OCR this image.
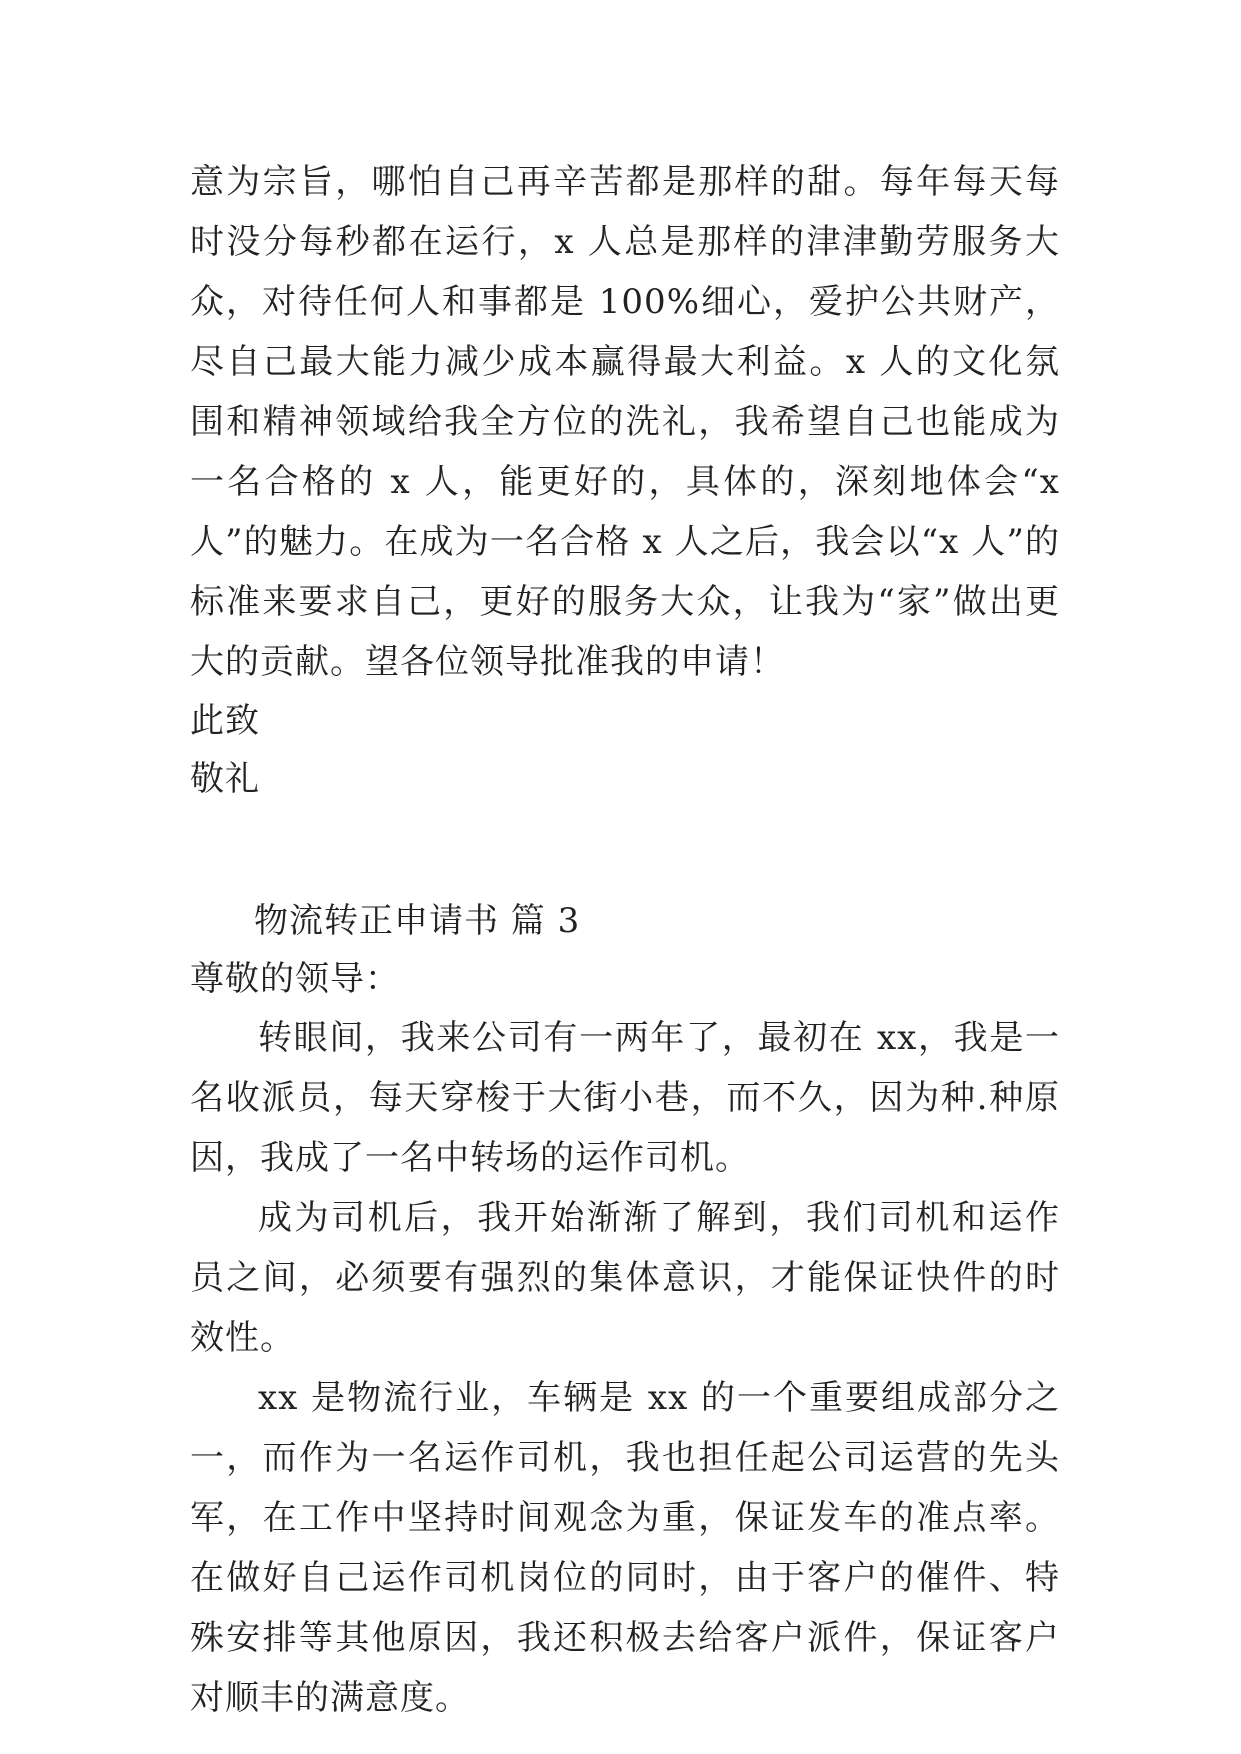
意为宗旨，哪怕自己再辛苦都是那样的甜。每年每天每时没分每秒都在运行，x 人总是那样的津津勤劳服务大众，对待任何人和事都是 100%细心，爱护公共财产，尽自己最大能力减少成本赢得最大利益。x 人的文化氛围和精神领域给我全方位的洗礼，我希望自己也能成为一名合格的 x 人，能更好的，具体的，深刻地体会“x 人”的魅力。在成为一名合格 x 人之后，我会以“x 人”的标准来要求自己，更好的服务大众，让我为“家”做出更大的贡献。望各位领导批准我的申请！

此致

敬礼

物流转正申请书 篇 3

尊敬的领导：

转眼间，我来公司有一两年了，最初在 xx，我是一名收派员，每天穿梭于大街小巷，而不久，因为种.种原因，我成了一名中转场的运作司机。

成为司机后，我开始渐渐了解到，我们司机和运作员之间，必须要有强烈的集体意识，才能保证快件的时效性。

xx 是物流行业，车辆是 xx 的一个重要组成部分之一，而作为一名运作司机，我也担任起公司运营的先头军，在工作中坚持时间观念为重，保证发车的准点率。在做好自己运作司机岗位的同时，由于客户的催件、特殊安排等其他原因，我还积极去给客户派件，保证客户对顺丰的满意度。
